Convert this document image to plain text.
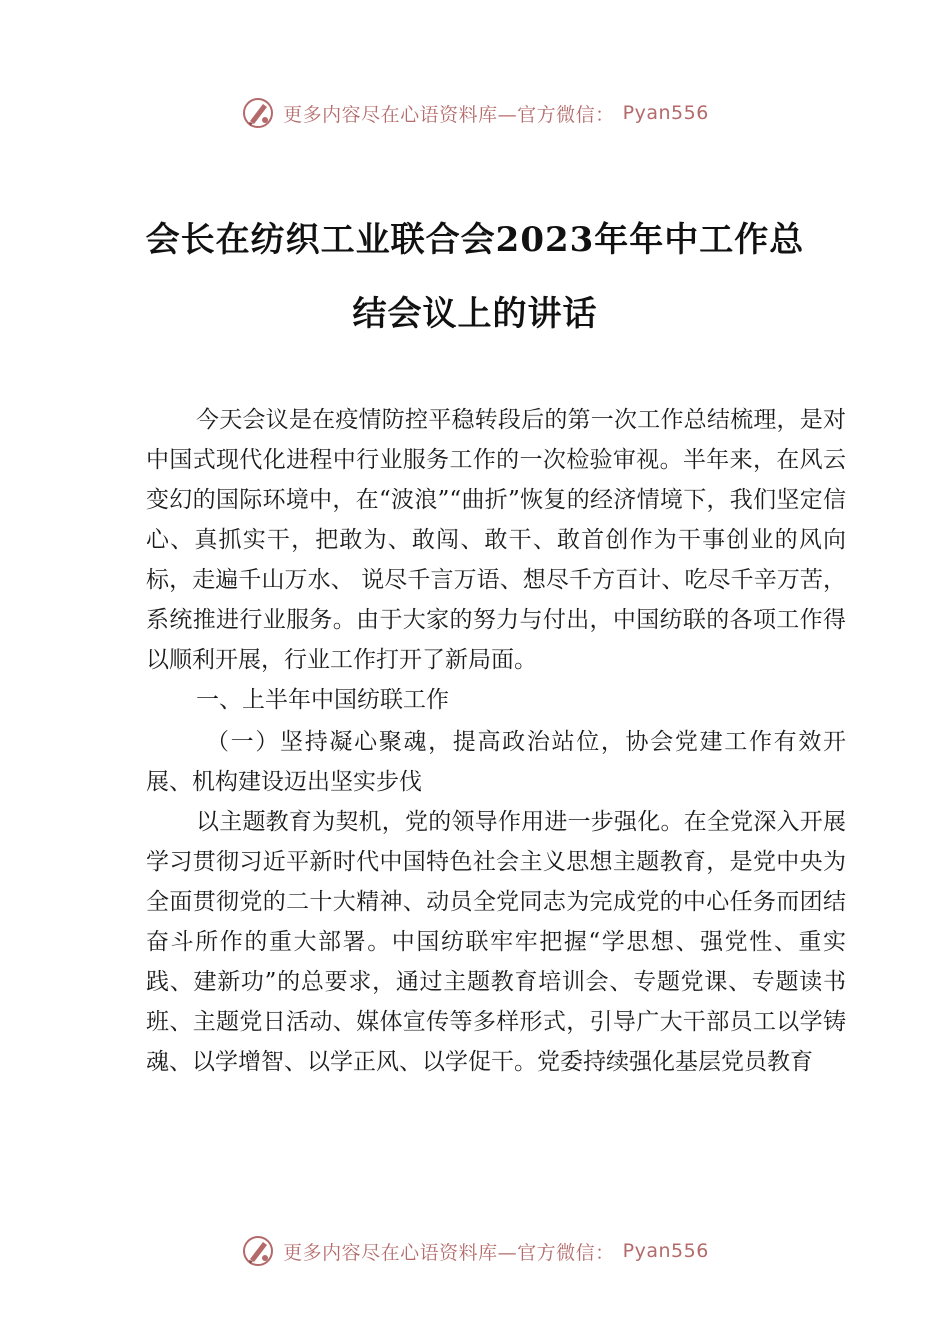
更多内容尽在心语资料库—官方微信： Pyan556
会长在纺织工业联合会2023年年中工作总
结会议上的讲话

今天会议是在疫情防控平稳转段后的第一次工作总结梳理，是对中国式现代化进程中行业服务工作的一次检验审视。半年来，在风云变幻的国际环境中，在“波浪”“曲折”恢复的经济情境下，我们坚定信心、真抓实干，把敢为、敢闯、敢干、敢首创作为干事创业的风向标，走遍千山万水、 说尽千言万语、想尽千方百计、吃尽千辛万苦，系统推进行业服务。由于大家的努力与付出，中国纺联的各项工作得以顺利开展，行业工作打开了新局面。

一、上半年中国纺联工作

（一）坚持凝心聚魂，提高政治站位，协会党建工作有效开展、机构建设迈出坚实步伐

以主题教育为契机，党的领导作用进一步强化。在全党深入开展学习贯彻习近平新时代中国特色社会主义思想主题教育，是党中央为全面贯彻党的二十大精神、动员全党同志为完成党的中心任务而团结奋斗所作的重大部署。中国纺联牢牢把握“学思想、强党性、重实践、建新功”的总要求，通过主题教育培训会、专题党课、专题读书班、主题党日活动、媒体宣传等多样形式，引导广大干部员工以学铸魂、以学增智、以学正风、以学促干。党委持续强化基层党员教育

更多内容尽在心语资料库—官方微信： Pyan556
